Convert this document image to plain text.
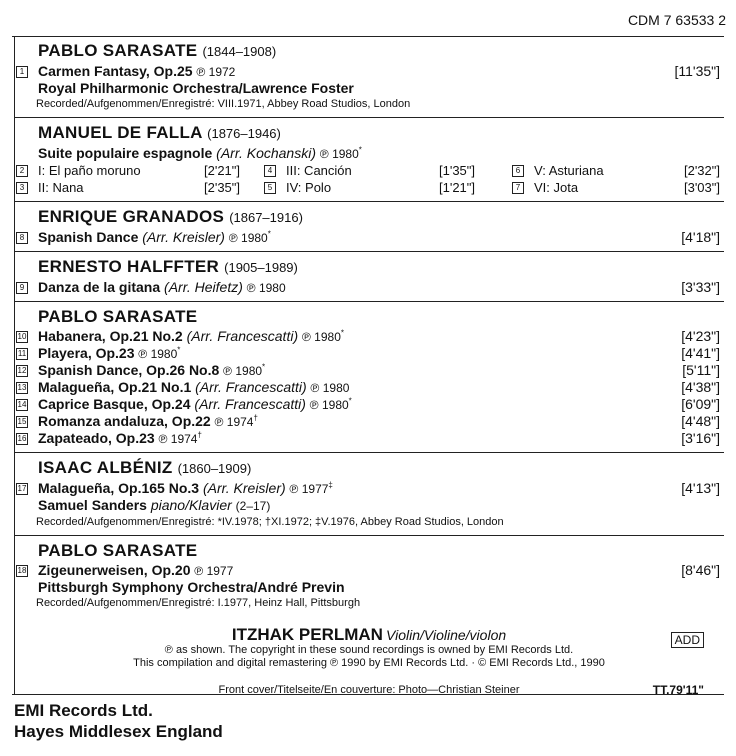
CDM 7 63533 2
PABLO SARASATE (1844–1908)
1 Carmen Fantasy, Op.25 ℗ 1972	[11'35"]
Royal Philharmonic Orchestra/Lawrence Foster
Recorded/Aufgenommen/Enregistré: VIII.1971, Abbey Road Studios, London
MANUEL DE FALLA (1876–1946)
Suite populaire espagnole (Arr. Kochanski) ℗ 1980*
2 I: El paño moruno	[2'21"]	4 III: Canción	[1'35"]	6 V: Asturiana	[2'32"]
3 II: Nana	[2'35"]	5 IV: Polo	[1'21"]	7 VI: Jota	[3'03"]
ENRIQUE GRANADOS (1867–1916)
8 Spanish Dance (Arr. Kreisler) ℗ 1980*	[4'18"]
ERNESTO HALFFTER (1905–1989)
9 Danza de la gitana (Arr. Heifetz) ℗ 1980	[3'33"]
PABLO SARASATE
10 Habanera, Op.21 No.2 (Arr. Francescatti) ℗ 1980*	[4'23"]
11 Playera, Op.23 ℗ 1980*	[4'41"]
12 Spanish Dance, Op.26 No.8 ℗ 1980*	[5'11"]
13 Malagueña, Op.21 No.1 (Arr. Francescatti) ℗ 1980	[4'38"]
14 Caprice Basque, Op.24 (Arr. Francescatti) ℗ 1980*	[6'09"]
15 Romanza andaluza, Op.22 ℗ 1974†	[4'48"]
16 Zapateado, Op.23 ℗ 1974†	[3'16"]
ISAAC ALBÉNIZ (1860–1909)
17 Malagueña, Op.165 No.3 (Arr. Kreisler) ℗ 1977‡	[4'13"]
Samuel Sanders piano/Klavier (2–17)
Recorded/Aufgenommen/Enregistré: *IV.1978; †XI.1972; ‡V.1976, Abbey Road Studios, London
PABLO SARASATE
18 Zigeunerweisen, Op.20 ℗ 1977	[8'46"]
Pittsburgh Symphony Orchestra/André Previn
Recorded/Aufgenommen/Enregistré: I.1977, Heinz Hall, Pittsburgh
ITZHAK PERLMAN Violin/Violine/violon	ADD
℗ as shown. The copyright in these sound recordings is owned by EMI Records Ltd.
This compilation and digital remastering ℗ 1990 by EMI Records Ltd. · © EMI Records Ltd., 1990
Front cover/Titelseite/En couverture: Photo—Christian Steiner	TT.79'11"
EMI Records Ltd.
Hayes Middlesex England
